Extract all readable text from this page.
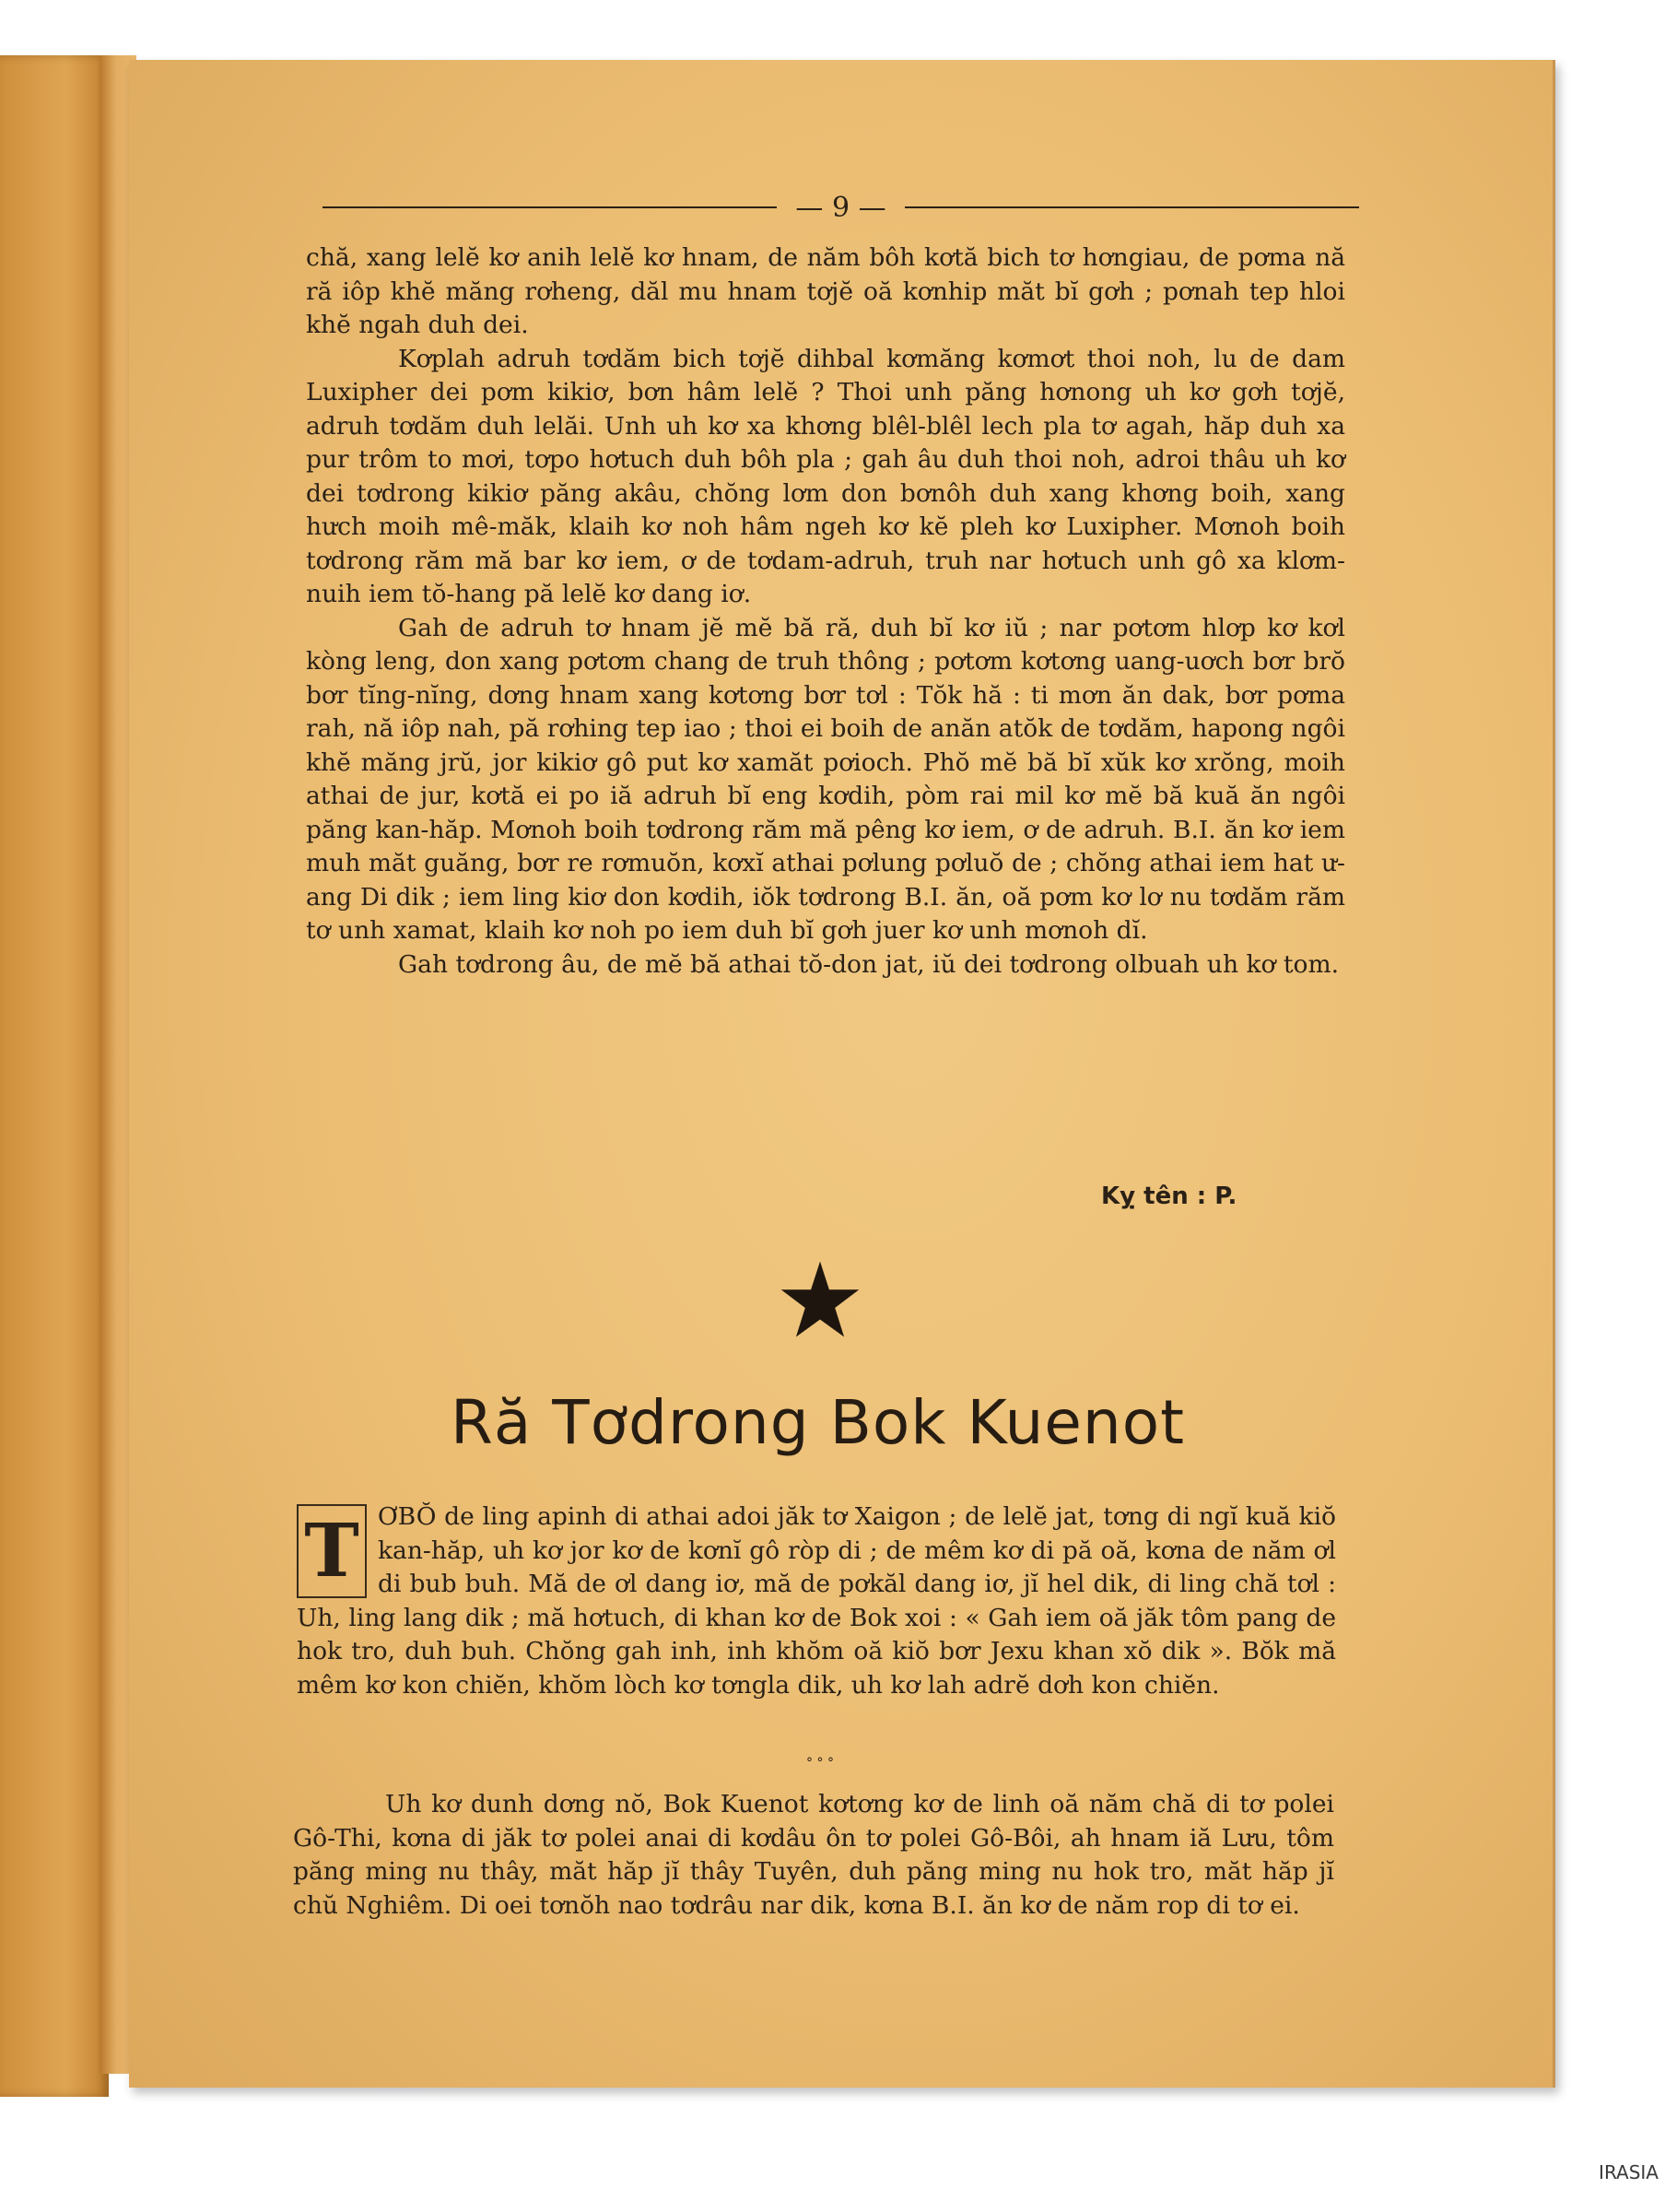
— 9 —

chă, xang lelĕ kơ anih lelĕ kơ hnam, de năm bôh kơtă bich tơ hơngiau, de pơma nă ră iôp khĕ măng rơheng, dăl mu hnam tơjĕ oă kơnhip măt bĭ gơh ; pơnah tep hloi khĕ ngah duh dei.

Kơplah adruh tơdăm bich tơjĕ dihbal kơmăng kơmơt thoi noh, lu de dam Luxipher dei pơm kikiơ, bơn hâm lelĕ ? Thoi unh păng hơnong uh kơ gơh tơjĕ, adruh tơdăm duh lelăi. Unh uh kơ xa khơng blêl-blêl lech pla tơ agah, hăp duh xa pur trôm to mơi, tơpo hơtuch duh bôh pla ; gah âu duh thoi noh, adroi thâu uh kơ dei tơdrong kikiơ păng akâu, chŏng lơm don bơnôh duh xang khơng boih, xang hưch moih mê-măk, klaih kơ noh hâm ngeh kơ kĕ pleh kơ Luxipher. Mơnoh boih tơdrong răm mă bar kơ iem, ơ de tơdam-adruh, truh nar hơtuch unh gô xa klơm-nuih iem tŏ-hang pă lelĕ kơ dang iơ.

Gah de adruh tơ hnam jĕ mĕ bă ră, duh bĭ kơ iŭ ; nar pơtơm hlơp kơ kơl kòng leng, don xang pơtơm chang de truh thông ; pơtơm kơtơng uang-uơch bơr brŏ bơr tĭng-nĭng, dơng hnam xang kơtơng bơr tơl : Tŏk hă : ti mơn ăn dak, bơr pơma rah, nă iôp nah, pă rơhing tep iao ; thoi ei boih de anăn atŏk de tơdăm, hapong ngôi khĕ măng jrŭ, jor kikiơ gô put kơ xamăt pơioch. Phŏ mĕ bă bĭ xŭk kơ xrŏng, moih athai de jur, kơtă ei po iă adruh bĭ eng kơdih, pòm rai mil kơ mĕ bă kuă ăn ngôi păng kan-hăp. Mơnoh boih tơdrong răm mă pêng kơ iem, ơ de adruh. B.I. ăn kơ iem muh măt guăng, bơr re rơmuŏn, kơxĭ athai pơlung pơluŏ de ; chŏng athai iem hat ư-ang Di dik ; iem ling kiơ don kơdih, iŏk tơdrong B.I. ăn, oă pơm kơ lơ nu tơdăm răm tơ unh xamat, klaih kơ noh po iem duh bĭ gơh juer kơ unh mơnoh dĭ.

Gah tơdrong âu, de mĕ bă athai tŏ-don jat, iŭ dei tơdrong olbuah uh kơ tom.

Kỵ tên : P.
Ră Tơdrong Bok Kuenot
T ƠBŎ de ling apinh di athai adoi jăk tơ Xaigon ; de lelĕ jat, tơng di ngĭ kuă kiŏ kan-hăp, uh kơ jor kơ de kơnĭ gô ròp di ; de mêm kơ di pă oă, kơna de năm ơl di bub buh. Mă de ơl dang iơ, mă de pơkăl dang iơ, jĭ hel dik, di ling chă tơl : Uh, ling lang dik ; mă hơtuch, di khan kơ de Bok xoi : « Gah iem oă jăk tôm pang de hok tro, duh buh. Chŏng gah inh, inh khŏm oă kiŏ bơr Jexu khan xŏ dik ». Bŏk mă mêm kơ kon chiĕn, khŏm lòch kơ tơngla dik, uh kơ lah adrĕ dơh kon chiĕn.
° ° °

Uh kơ dunh dơng nŏ, Bok Kuenot kơtơng kơ de linh oă năm chă di tơ polei Gô-Thi, kơna di jăk tơ polei anai di kơdâu ôn tơ polei Gô-Bôi, ah hnam iă Lưu, tôm păng ming nu thây, măt hăp jĭ thây Tuyên, duh păng ming nu hok tro, măt hăp jĭ chŭ Nghiêm. Di oei tơnŏh nao tơdrâu nar dik, kơna B.I. ăn kơ de năm rop di tơ ei.

IRASIA
